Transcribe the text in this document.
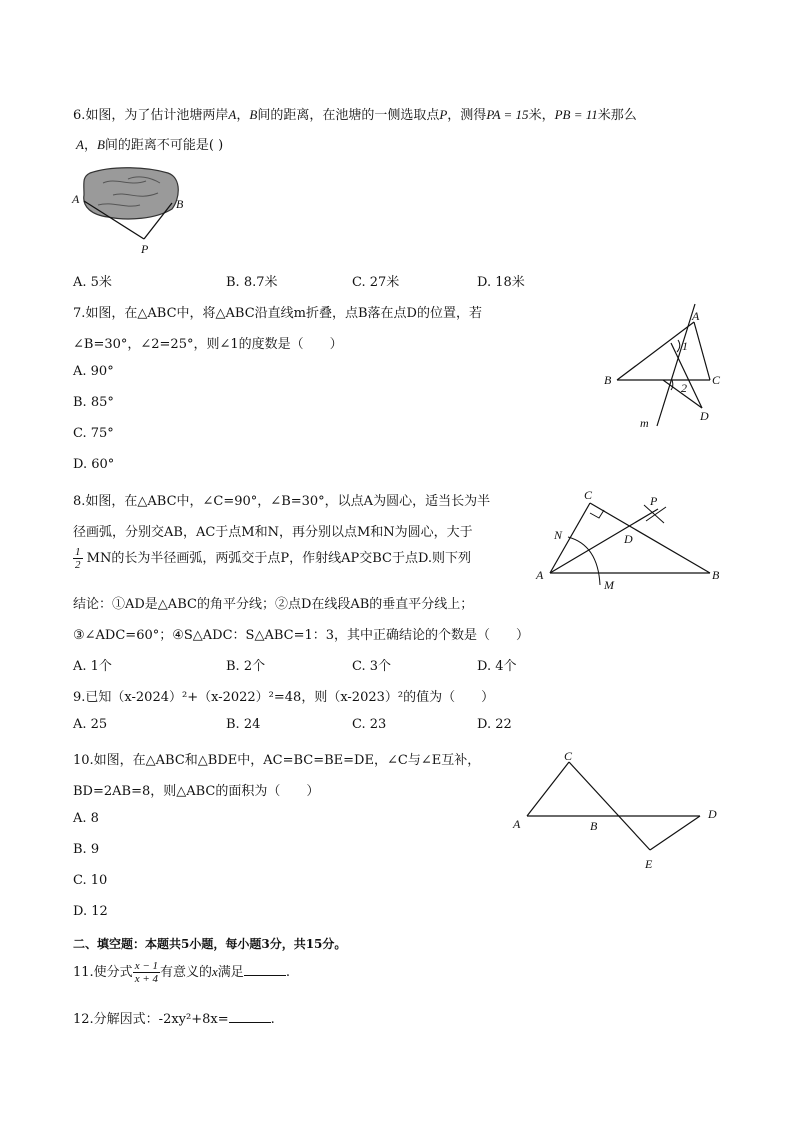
6.如图，为了估计池塘两岸A，B间的距离，在池塘的一侧选取点P，测得PA = 15米，PB = 11米那么
A，B间的距离不可能是( )
A	B
P
A. 5米	B. 8.7米	C. 27米	D. 18米
7.如图，在△ABC中，将△ABC沿直线m折叠，点B落在点D的位置，若
∠B=30°，∠2=25°，则∠1的度数是（　　）
A. 90°
B. 85°
C. 75°
D. 60°
A
B	C
D
m
1
2
8.如图，在△ABC中，∠C=90°，∠B=30°，以点A为圆心，适当长为半
径画弧，分别交AB，AC于点M和N，再分别以点M和N为圆心，大于
$\frac{1}{2}$ MN的长为半径画弧，两弧交于点P，作射线AP交BC于点D.则下列
结论：①AD是△ABC的角平分线；②点D在线段AB的垂直平分线上；
③∠ADC=60°；④S△ADC：S△ABC=1：3，其中正确结论的个数是（　　）
A. 1个	B. 2个	C. 3个	D. 4个
C	P
N	D
A
M
B
9.已知（x-2024）²+（x-2022）²=48，则（x-2023）²的值为（　　）
A. 25	B. 24	C. 23	D. 22
10.如图，在△ABC和△BDE中，AC=BC=BE=DE，∠C与∠E互补，
BD=2AB=8，则△ABC的面积为（　　）
A. 8
B. 9
C. 10
D. 12
C
A	B
D
E
二、填空题：本题共5小题，每小题3分，共15分。
11.使分式 $\frac{x - 1}{x + 4}$ 有意义的x满足	.
12.分解因式：-2xy²+8x=	.
